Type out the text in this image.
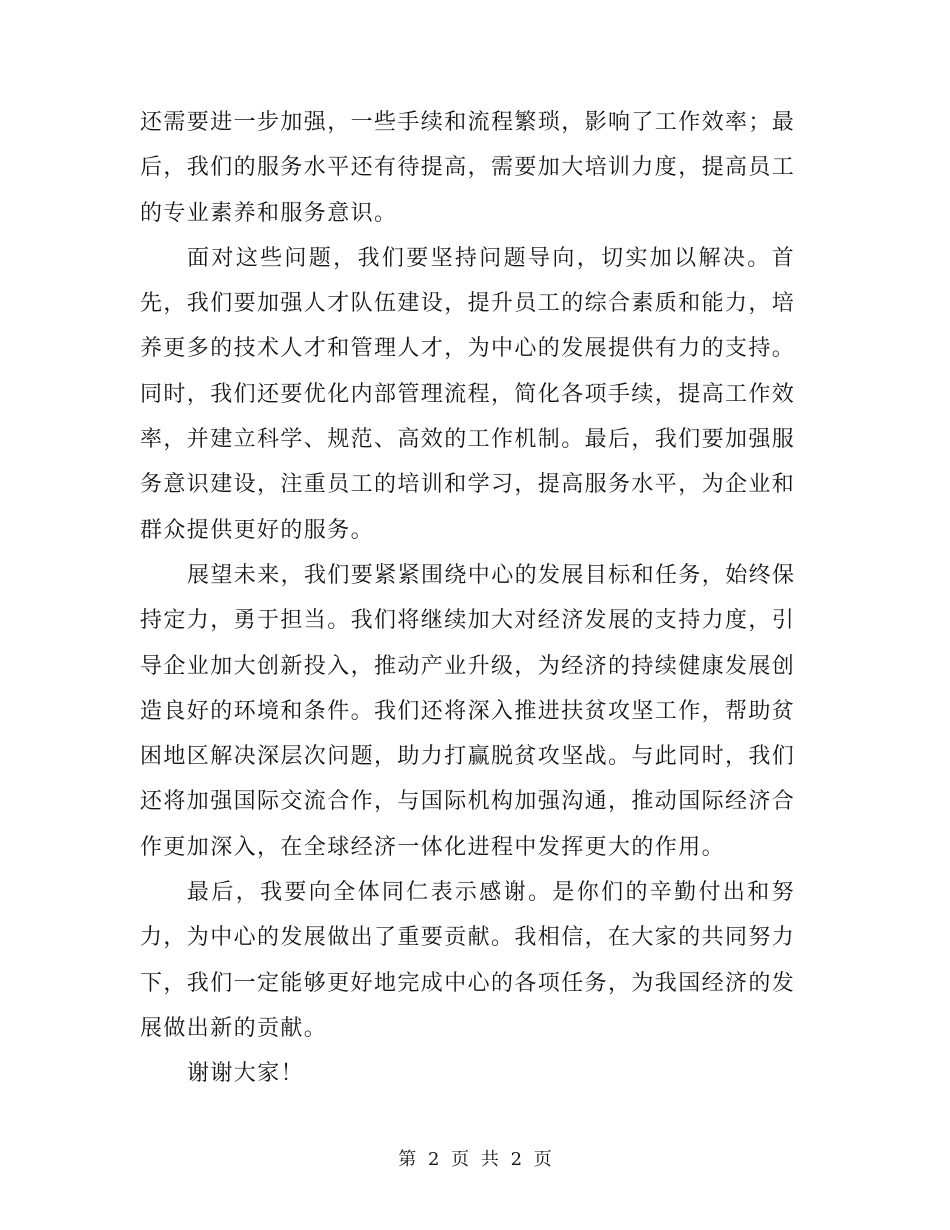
还需要进一步加强，一些手续和流程繁琐，影响了工作效率；最
后，我们的服务水平还有待提高，需要加大培训力度，提高员工
的专业素养和服务意识。
面对这些问题，我们要坚持问题导向，切实加以解决。首
先，我们要加强人才队伍建设，提升员工的综合素质和能力，培
养更多的技术人才和管理人才，为中心的发展提供有力的支持。
同时，我们还要优化内部管理流程，简化各项手续，提高工作效
率，并建立科学、规范、高效的工作机制。最后，我们要加强服
务意识建设，注重员工的培训和学习，提高服务水平，为企业和
群众提供更好的服务。
展望未来，我们要紧紧围绕中心的发展目标和任务，始终保
持定力，勇于担当。我们将继续加大对经济发展的支持力度，引
导企业加大创新投入，推动产业升级，为经济的持续健康发展创
造良好的环境和条件。我们还将深入推进扶贫攻坚工作，帮助贫
困地区解决深层次问题，助力打赢脱贫攻坚战。与此同时，我们
还将加强国际交流合作，与国际机构加强沟通，推动国际经济合
作更加深入，在全球经济一体化进程中发挥更大的作用。
最后，我要向全体同仁表示感谢。是你们的辛勤付出和努
力，为中心的发展做出了重要贡献。我相信，在大家的共同努力
下，我们一定能够更好地完成中心的各项任务，为我国经济的发
展做出新的贡献。
谢谢大家！
第 2 页 共 2 页
